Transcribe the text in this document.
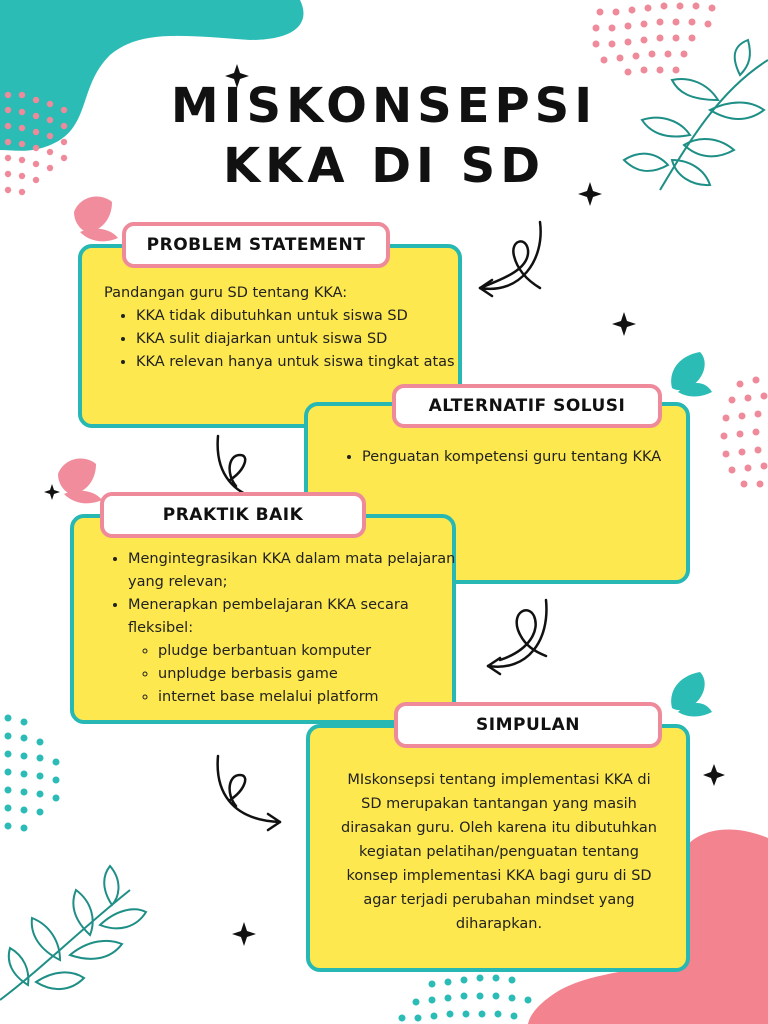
MISKONSEPSI
KKA DI SD
Pandangan guru SD tentang KKA:
• KKA tidak dibutuhkan untuk siswa SD
• KKA sulit diajarkan untuk siswa SD
• KKA relevan hanya untuk siswa tingkat atas
PROBLEM STATEMENT
• Penguatan kompetensi guru tentang KKA
ALTERNATIF SOLUSI
• Mengintegrasikan KKA dalam mata pelajaran yang relevan;
• Menerapkan pembelajaran KKA secara fleksibel:
◦ pludge berbantuan komputer
◦ unpludge berbasis game
◦ internet base melalui platform
PRAKTIK BAIK
MIskonsepsi tentang implementasi KKA di SD merupakan tantangan yang masih dirasakan guru. Oleh karena itu dibutuhkan kegiatan pelatihan/penguatan tentang konsep implementasi KKA bagi guru di SD agar terjadi perubahan mindset yang diharapkan.
SIMPULAN
